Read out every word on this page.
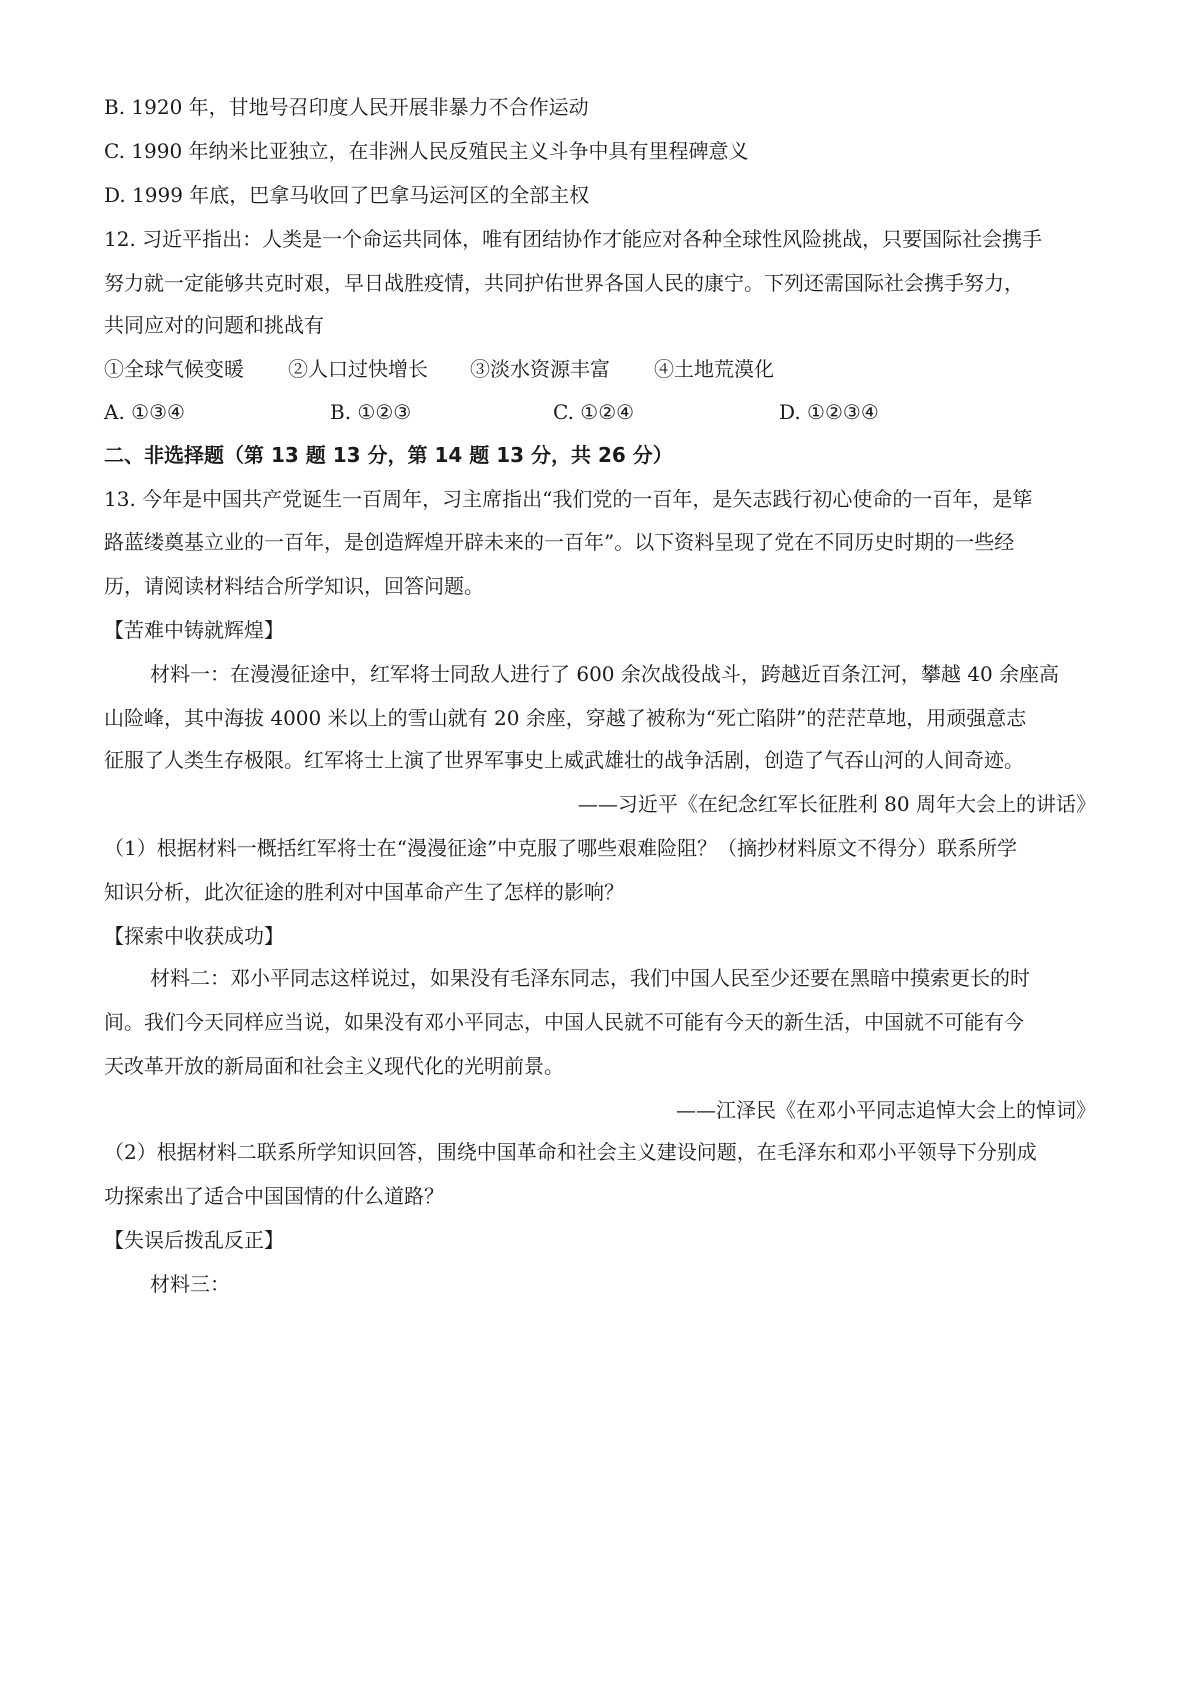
B. 1920 年，甘地号召印度人民开展非暴力不合作运动
C. 1990 年纳米比亚独立，在非洲人民反殖民主义斗争中具有里程碑意义
D. 1999 年底，巴拿马收回了巴拿马运河区的全部主权
12. 习近平指出：人类是一个命运共同体，唯有团结协作才能应对各种全球性风险挑战，只要国际社会携手
努力就一定能够共克时艰，早日战胜疫情，共同护佑世界各国人民的康宁。下列还需国际社会携手努力，
共同应对的问题和挑战有
①全球气候变暖 ②人口过快增长 ③淡水资源丰富 ④土地荒漠化
A. ①③④	B. ①②③	C. ①②④	D. ①②③④
二、非选择题（第 13 题 13 分，第 14 题 13 分，共 26 分）
13. 今年是中国共产党诞生一百周年，习主席指出“我们党的一百年，是矢志践行初心使命的一百年，是筚
路蓝缕奠基立业的一百年，是创造辉煌开辟未来的一百年”。以下资料呈现了党在不同历史时期的一些经
历，请阅读材料结合所学知识，回答问题。
【苦难中铸就辉煌】
材料一：在漫漫征途中，红军将士同敌人进行了 600 余次战役战斗，跨越近百条江河，攀越 40 余座高
山险峰，其中海拔 4000 米以上的雪山就有 20 余座，穿越了被称为“死亡陷阱”的茫茫草地，用顽强意志
征服了人类生存极限。红军将士上演了世界军事史上威武雄壮的战争活剧，创造了气吞山河的人间奇迹。
——习近平《在纪念红军长征胜利 80 周年大会上的讲话》
（1）根据材料一概括红军将士在“漫漫征途”中克服了哪些艰难险阻？（摘抄材料原文不得分）联系所学
知识分析，此次征途的胜利对中国革命产生了怎样的影响？
【探索中收获成功】
材料二：邓小平同志这样说过，如果没有毛泽东同志，我们中国人民至少还要在黑暗中摸索更长的时
间。我们今天同样应当说，如果没有邓小平同志，中国人民就不可能有今天的新生活，中国就不可能有今
天改革开放的新局面和社会主义现代化的光明前景。
——江泽民《在邓小平同志追悼大会上的悼词》
（2）根据材料二联系所学知识回答，围绕中国革命和社会主义建设问题，在毛泽东和邓小平领导下分别成
功探索出了适合中国国情的什么道路？
【失误后拨乱反正】
材料三：
